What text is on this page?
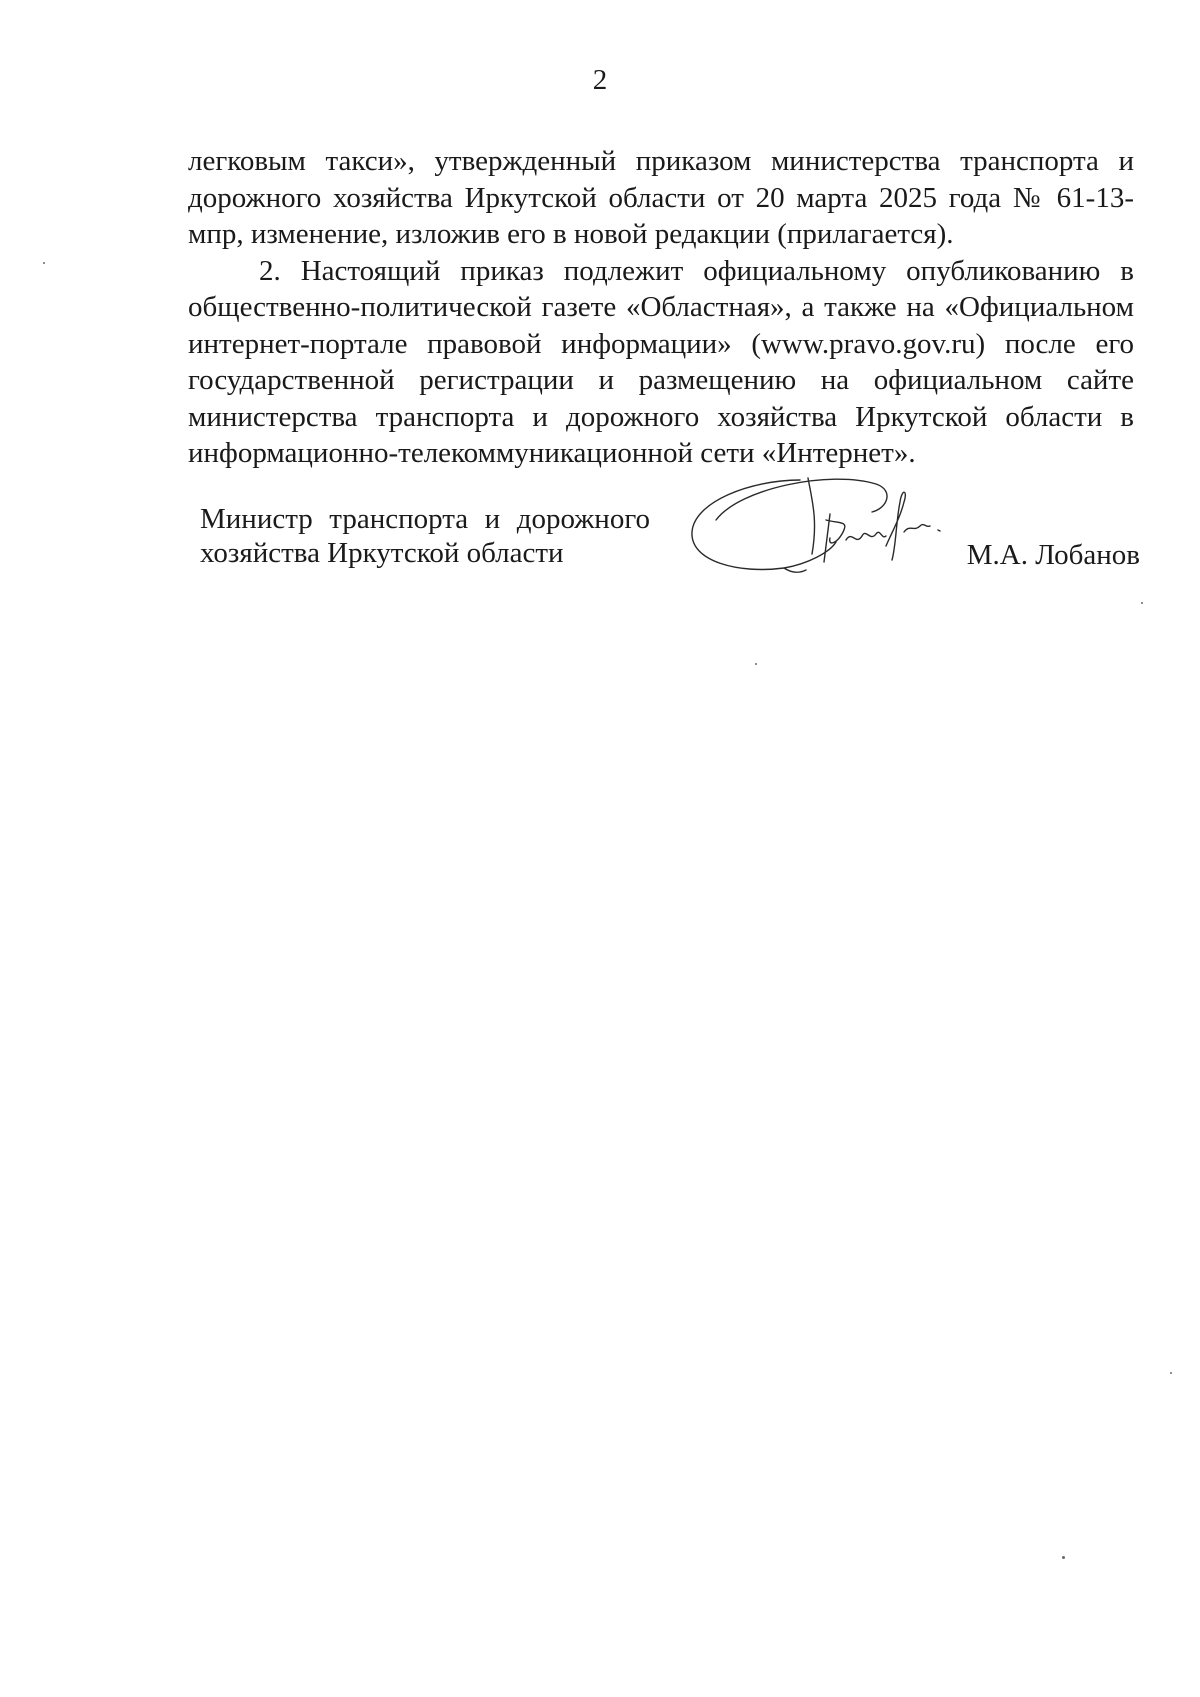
2

легковым такси», утвержденный приказом министерства транспорта и дорожного хозяйства Иркутской области от 20 марта 2025 года № 61-13-мпр, изменение, изложив его в новой редакции (прилагается).

2. Настоящий приказ подлежит официальному опубликованию в общественно-политической газете «Областная», а также на «Официальном интернет-портале правовой информации» (www.pravo.gov.ru) после его государственной регистрации и размещению на официальном сайте министерства транспорта и дорожного хозяйства Иркутской области в информационно-телекоммуникационной сети «Интернет».

Министр транспорта и дорожного хозяйства Иркутской области	М.А. Лобанов
